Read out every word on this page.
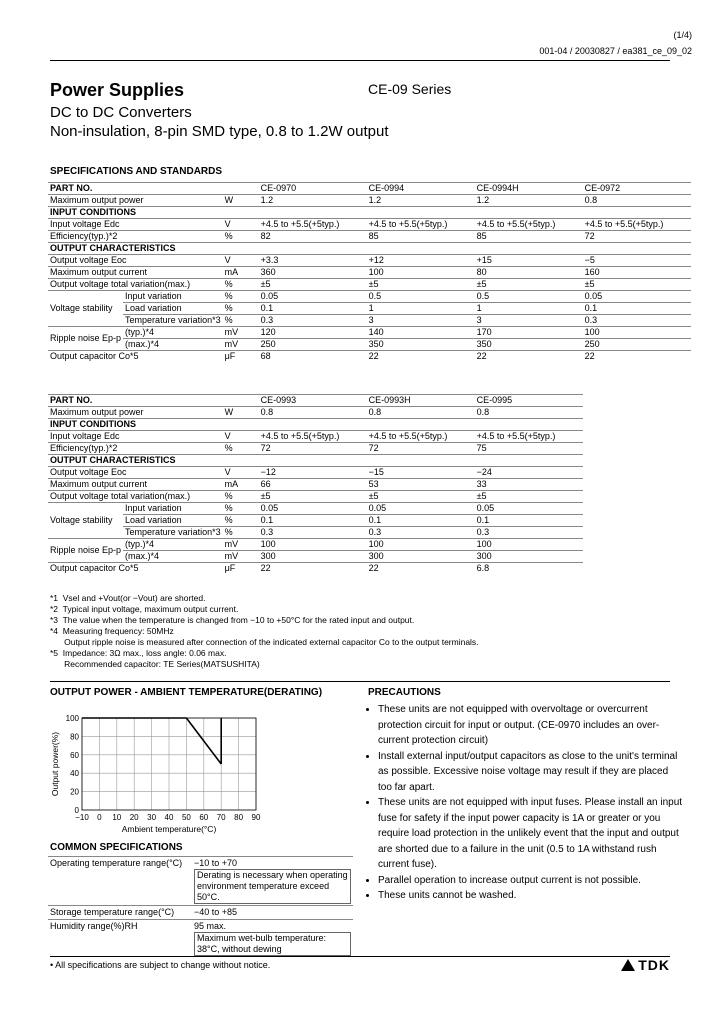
(1/4)
001-04 / 20030827 / ea381_ce_09_02
Power Supplies	CE-09 Series
DC to DC Converters
Non-insulation, 8-pin SMD type, 0.8 to 1.2W output
SPECIFICATIONS AND STANDARDS
PART NO.			CE-0970	CE-0994	CE-0994H	CE-0972
Maximum output power		W	1.2	1.2	1.2	0.8
INPUT CONDITIONS						
Input voltage Edc		V	+4.5 to +5.5(+5typ.)	+4.5 to +5.5(+5typ.)	+4.5 to +5.5(+5typ.)	+4.5 to +5.5(+5typ.)
Efficiency(typ.)*2		%	82	85	85	72
OUTPUT CHARACTERISTICS						
Output voltage Eoc		V	+3.3	+12	+15	−5
Maximum output current		mA	360	100	80	160
Output voltage total variation(max.)		%	±5	±5	±5	±5
Voltage stability	Input variation	%	0.05	0.5	0.5	0.05
	Load variation	%	0.1	1	1	0.1
	Temperature variation*3	%	0.3	3	3	0.3
Ripple noise Ep-p	(typ.)*4	mV	120	140	170	100
	(max.)*4	mV	250	350	350	250
Output capacitor Co*5		μF	68	22	22	22
PART NO.			CE-0993	CE-0993H	CE-0995
Maximum output power		W	0.8	0.8	0.8
INPUT CONDITIONS					
Input voltage Edc		V	+4.5 to +5.5(+5typ.)	+4.5 to +5.5(+5typ.)	+4.5 to +5.5(+5typ.)
Efficiency(typ.)*2		%	72	72	75
OUTPUT CHARACTERISTICS					
Output voltage Eoc		V	−12	−15	−24
Maximum output current		mA	66	53	33
Output voltage total variation(max.)		%	±5	±5	±5
Voltage stability	Input variation	%	0.05	0.05	0.05
	Load variation	%	0.1	0.1	0.1
	Temperature variation*3	%	0.3	0.3	0.3
Ripple noise Ep-p	(typ.)*4	mV	100	100	100
	(max.)*4	mV	300	300	300
Output capacitor Co*5		μF	22	22	6.8
*1  Vsel and +Vout(or −Vout) are shorted.
*2  Typical input voltage, maximum output current.
*3  The value when the temperature is changed from −10 to +50°C for the rated input and output.
*4  Measuring frequency: 50MHz
Output ripple noise is measured after connection of the indicated external capacitor Co to the output terminals.
*5  Impedance: 3Ω max., loss angle: 0.06 max.
Recommended capacitor: TE Series(MATSUSHITA)
OUTPUT POWER - AMBIENT TEMPERATURE(DERATING)
−10 0 10 20 30 40 50 60 70 80 90
0
20
40
60
80
100
Ambient temperature(°C)
Output power(%)
COMMON SPECIFICATIONS
Operating temperature range(°C)	−10 to +70
Derating is necessary when operating environment temperature exceed 50°C.
Storage temperature range(°C)	−40 to +85

Humidity range(%)RH	95 max.
Maximum wet-bulb temperature: 38°C, without dewing
PRECAUTIONS
• These units are not equipped with overvoltage or overcurrent protection circuit for input or output. (CE-0970 includes an over-current protection circuit)
• Install external input/output capacitors as close to the unit's terminal as possible. Excessive noise voltage may result if they are placed too far apart.
• These units are not equipped with input fuses. Please install an input fuse for safety if the input power capacity is 1A or greater or you require load protection in the unlikely event that the input and output are shorted due to a failure in the unit (0.5 to 1A withstand rush current fuse).
• Parallel operation to increase output current is not possible.
• These units cannot be washed.
• All specifications are subject to change without notice.	TDK
